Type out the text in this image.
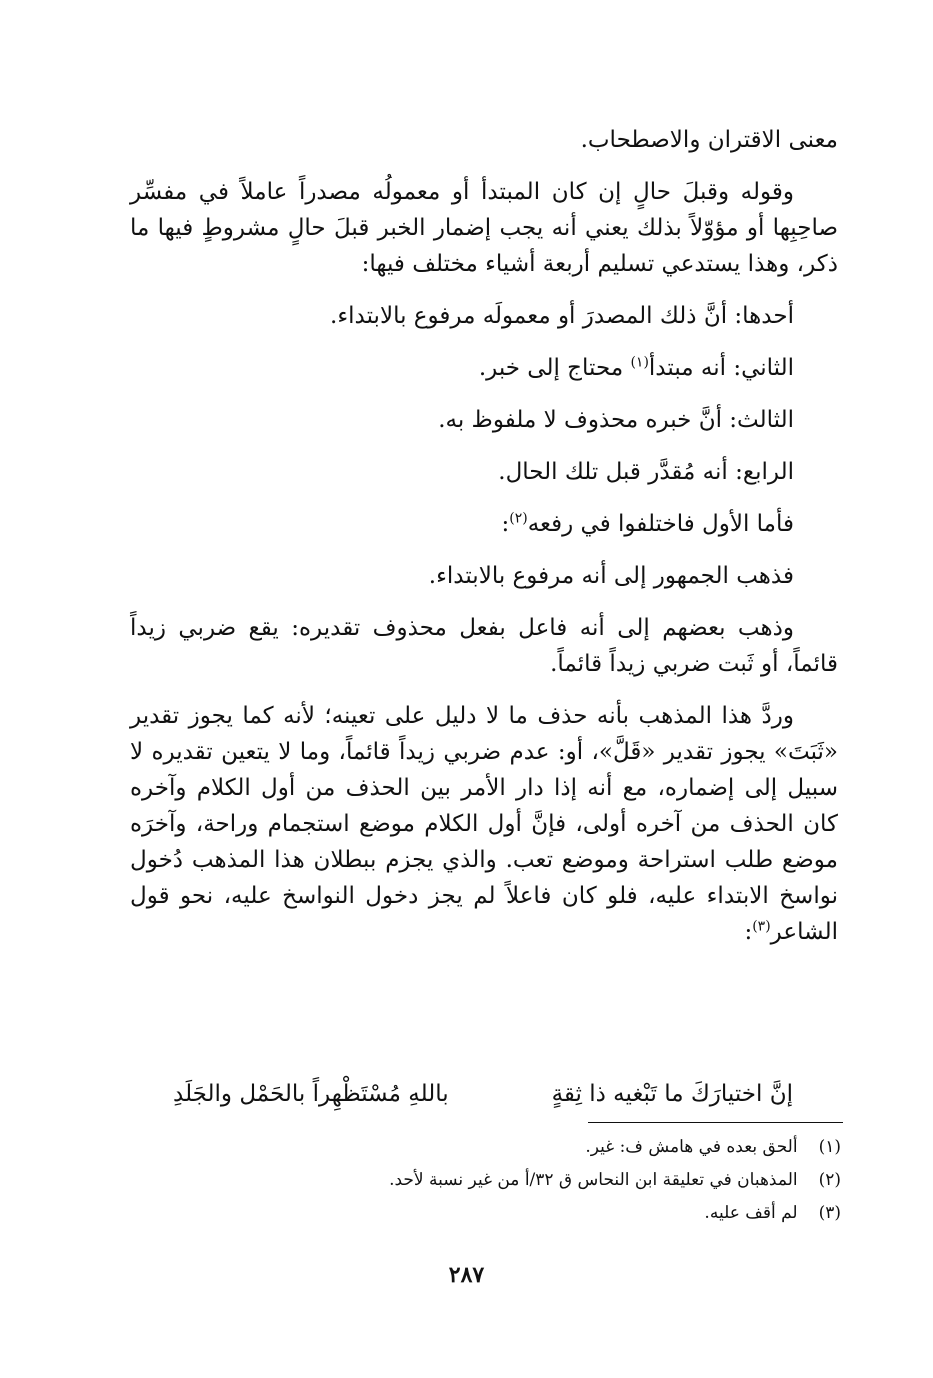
معنى الاقتران والاصطحاب.

وقوله وقبلَ حالٍ إن كان المبتدأ أو معمولُه مصدراً عاملاً في مفسِّر صاحِبِها أو مؤوّلاً بذلك يعني أنه يجب إضمار الخبر قبلَ حالٍ مشروطٍ فيها ما ذكر، وهذا يستدعي تسليم أربعة أشياء مختلف فيها:

أحدها: أنَّ ذلك المصدرَ أو معمولَه مرفوع بالابتداء.

الثاني: أنه مبتدأ$^{(١)}$ محتاج إلى خبر.

الثالث: أنَّ خبره محذوف لا ملفوظ به.

الرابع: أنه مُقدَّر قبل تلك الحال.

فأما الأول فاختلفوا في رفعه$^{(٢)}$:

فذهب الجمهور إلى أنه مرفوع بالابتداء.

وذهب بعضهم إلى أنه فاعل بفعل محذوف تقديره: يقع ضربي زيداً قائماً، أو ثَبت ضربي زيداً قائماً.

وردَّ هذا المذهب بأنه حذف ما لا دليل على تعينه؛ لأنه كما يجوز تقدير «ثَبَتَ» يجوز تقدير «قَلَّ»، أو: عدم ضربي زيداً قائماً، وما لا يتعين تقديره لا سبيل إلى إضماره، مع أنه إذا دار الأمر بين الحذف من أول الكلام وآخره كان الحذف من آخره أولى، فإنَّ أول الكلام موضع استجمام وراحة، وآخرَه موضع طلب استراحة وموضع تعب. والذي يجزم ببطلان هذا المذهب دُخول نواسخ الابتداء عليه، فلو كان فاعلاً لم يجز دخول النواسخ عليه، نحو قول الشاعر$^{(٣)}$:

إنَّ اختيارَكَ ما تَبْغيه ذا ثِقةٍ
باللهِ مُسْتَظْهِراً بالحَمْل والجَلَدِ
(١) ألحق بعده في هامش ف: غير.
(٢) المذهبان في تعليقة ابن النحاس ق ٣٢/أ من غير نسبة لأحد.
(٣) لم أقف عليه.
٢٨٧
